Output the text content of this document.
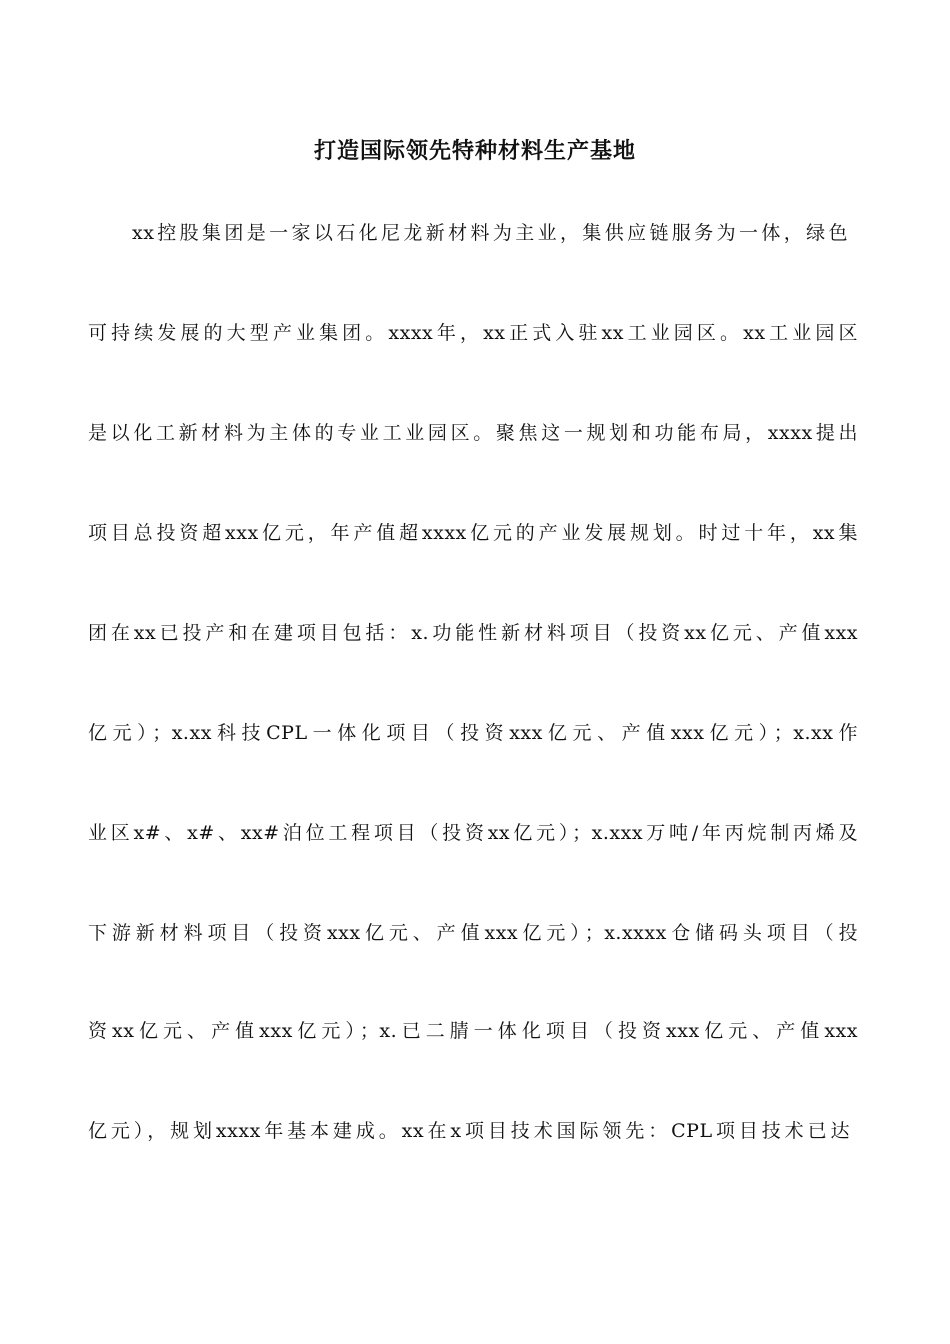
打造国际领先特种材料生产基地
xx控股集团是一家以石化尼龙新材料为主业，集供应链服务为一体，绿色
可持续发展的大型产业集团。xxxx年，xx正式入驻xx工业园区。xx工业园区
是以化工新材料为主体的专业工业园区。聚焦这一规划和功能布局，xxxx提出
项目总投资超xxx亿元，年产值超xxxx亿元的产业发展规划。时过十年，xx集
团在xx已投产和在建项目包括：x.功能性新材料项目（投资xx亿元、产值xxx
亿元）；x.xx科技CPL一体化项目（投资xxx亿元、产值xxx亿元）；x.xx作
业区x#、x#、xx#泊位工程项目（投资xx亿元）；x.xxx万吨/年丙烷制丙烯及
下游新材料项目（投资xxx亿元、产值xxx亿元）；x.xxxx仓储码头项目（投
资xx亿元、产值xxx亿元）；x.已二腈一体化项目（投资xxx亿元、产值xxx
亿元），规划xxxx年基本建成。xx在x项目技术国际领先：CPL项目技术已达
